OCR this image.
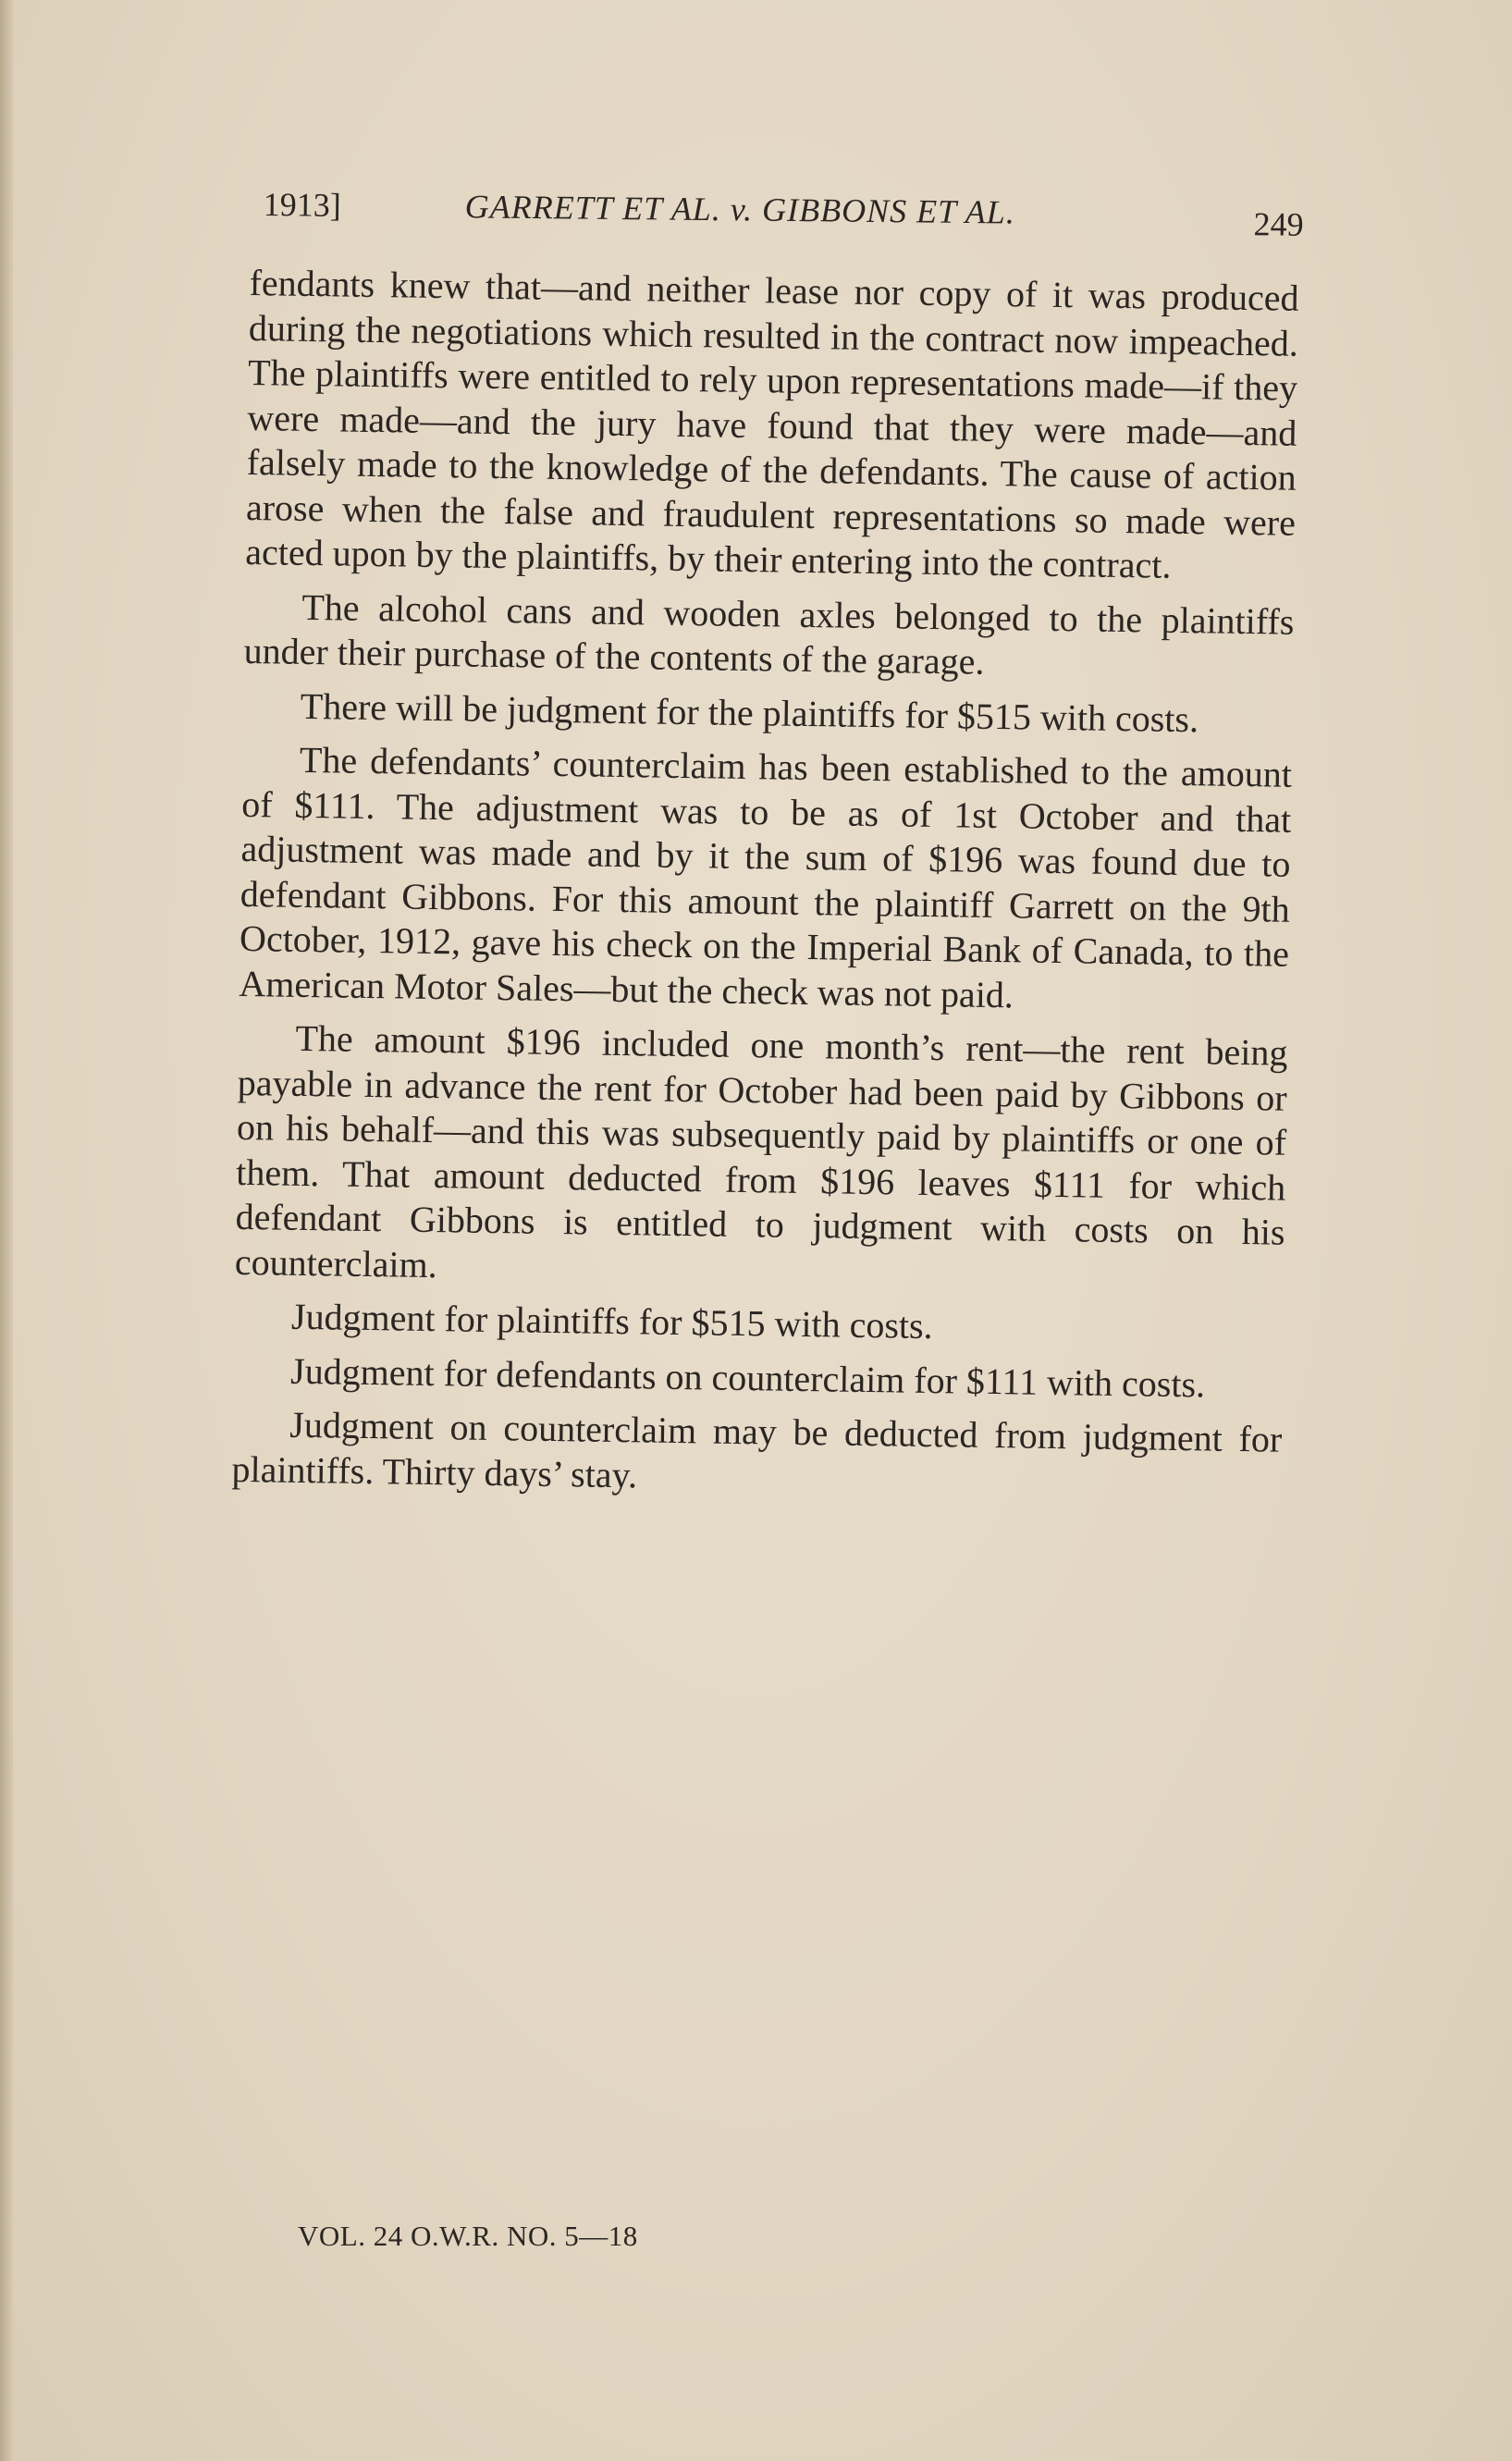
1913]	GARRETT ET AL. v. GIBBONS ET AL.	249

fendants knew that—and neither lease nor copy of it was produced during the negotiations which resulted in the contract now impeached. The plaintiffs were entitled to rely upon representations made—if they were made—and the jury have found that they were made—and falsely made to the knowledge of the defendants. The cause of action arose when the false and fraudulent representations so made were acted upon by the plaintiffs, by their entering into the contract.

The alcohol cans and wooden axles belonged to the plaintiffs under their purchase of the contents of the garage.

There will be judgment for the plaintiffs for $515 with costs.

The defendants’ counterclaim has been established to the amount of $111. The adjustment was to be as of 1st October and that adjustment was made and by it the sum of $196 was found due to defendant Gibbons. For this amount the plaintiff Garrett on the 9th October, 1912, gave his check on the Imperial Bank of Canada, to the American Motor Sales—but the check was not paid.

The amount $196 included one month’s rent—the rent being payable in advance the rent for October had been paid by Gibbons or on his behalf—and this was subsequently paid by plaintiffs or one of them. That amount deducted from $196 leaves $111 for which defendant Gibbons is entitled to judgment with costs on his counterclaim.

Judgment for plaintiffs for $515 with costs.

Judgment for defendants on counterclaim for $111 with costs.

Judgment on counterclaim may be deducted from judgment for plaintiffs. Thirty days’ stay.

VOL. 24 O.W.R. NO. 5—18
